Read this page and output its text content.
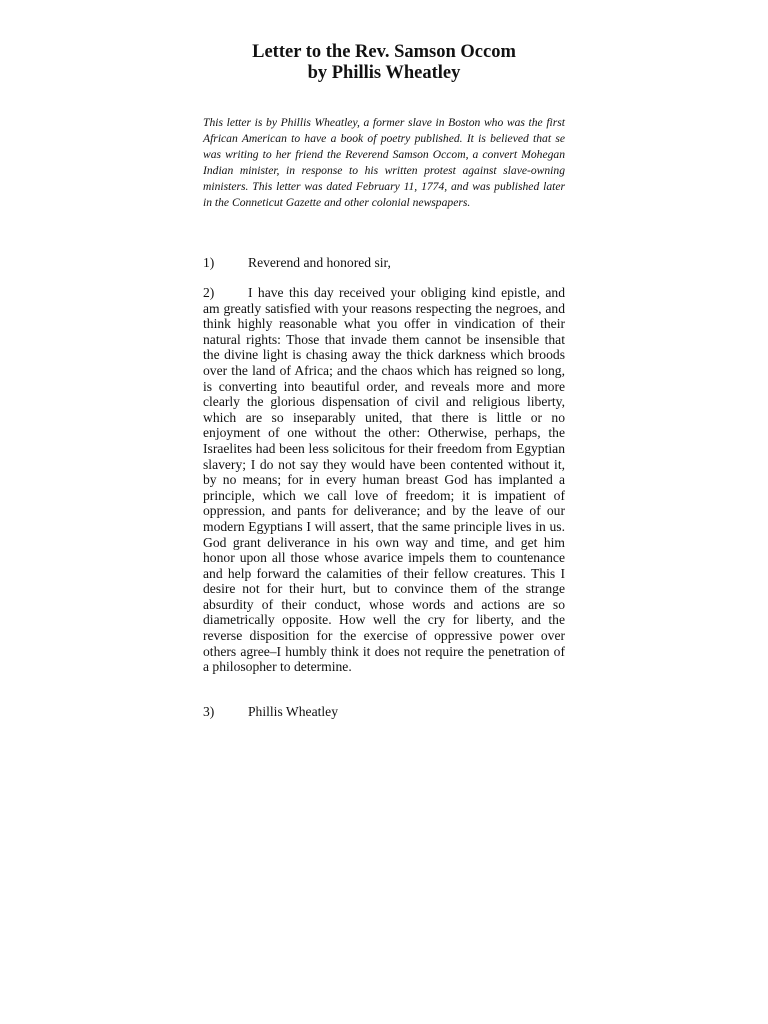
Letter to the Rev. Samson Occom
by Phillis Wheatley
This letter is by Phillis Wheatley, a former slave in Boston who was the first African American to have a book of poetry published. It is believed that se was writing to her friend the Reverend Samson Occom, a convert Mohegan Indian minister, in response to his written protest against slave-owning ministers. This letter was dated February 11, 1774, and was published later in the Conneticut Gazette and other colonial newspapers.
1) Reverend and honored sir,
2) I have this day received your obliging kind epistle, and am greatly satisfied with your reasons respecting the negroes, and think highly reasonable what you offer in vindication of their natural rights: Those that invade them cannot be insensible that the divine light is chasing away the thick darkness which broods over the land of Africa; and the chaos which has reigned so long, is converting into beautiful order, and reveals more and more clearly the glorious dispensation of civil and religious liberty, which are so inseparably united, that there is little or no enjoyment of one without the other: Otherwise, perhaps, the Israelites had been less solicitous for their freedom from Egyptian slavery; I do not say they would have been contented without it, by no means; for in every human breast God has implanted a principle, which we call love of freedom; it is impatient of oppression, and pants for deliverance; and by the leave of our modern Egyptians I will assert, that the same principle lives in us. God grant deliverance in his own way and time, and get him honor upon all those whose avarice impels them to countenance and help forward the calamities of their fellow creatures. This I desire not for their hurt, but to convince them of the strange absurdity of their conduct, whose words and actions are so diametrically opposite. How well the cry for liberty, and the reverse disposition for the exercise of oppressive power over others agree–I humbly think it does not require the penetration of a philosopher to determine.
3) Phillis Wheatley
